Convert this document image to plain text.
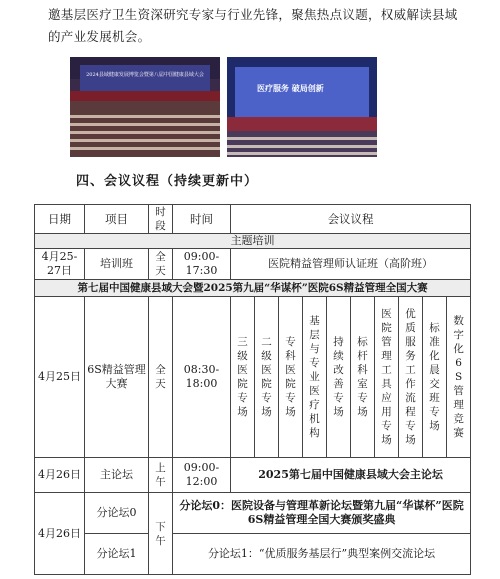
邀基层医疗卫生资深研究专家与行业先锋，聚焦热点议题，权威解读县域的产业发展机会。
2024县域健康发展博览会暨第八届中国健康县域大会
医疗服务 破局创新
四、会议议程（持续更新中）
日期	项目	时段	时间	会议议程									
主题培训													
4月25-27日	培训班	全天	09:00-17:30	医院精益管理师认证班（高阶班）									
第七届中国健康县域大会暨2025第九届“华谋杯”医院6S精益管理全国大赛													
4月25日	6S精益管理大赛	全天	08:30-18:00	三级医院专场	二级医院专场	专科医院专场	基层与专业医疗机构	持续改善专场	标杆科室专场	医院管理工具应用专场	优质服务工作流程专场	标准化晨交班专场	数字化6S管理竞赛

4月26日	主论坛	上午	09:00-12:00	2025第七届中国健康县域大会主论坛									
4月26日	分论坛0	下午	分论坛0：医院设备与管理革新论坛暨第九届“华谋杯”医院6S精益管理全国大赛颁奖盛典										
	分论坛1		分论坛1：“优质服务基层行”典型案例交流论坛										
